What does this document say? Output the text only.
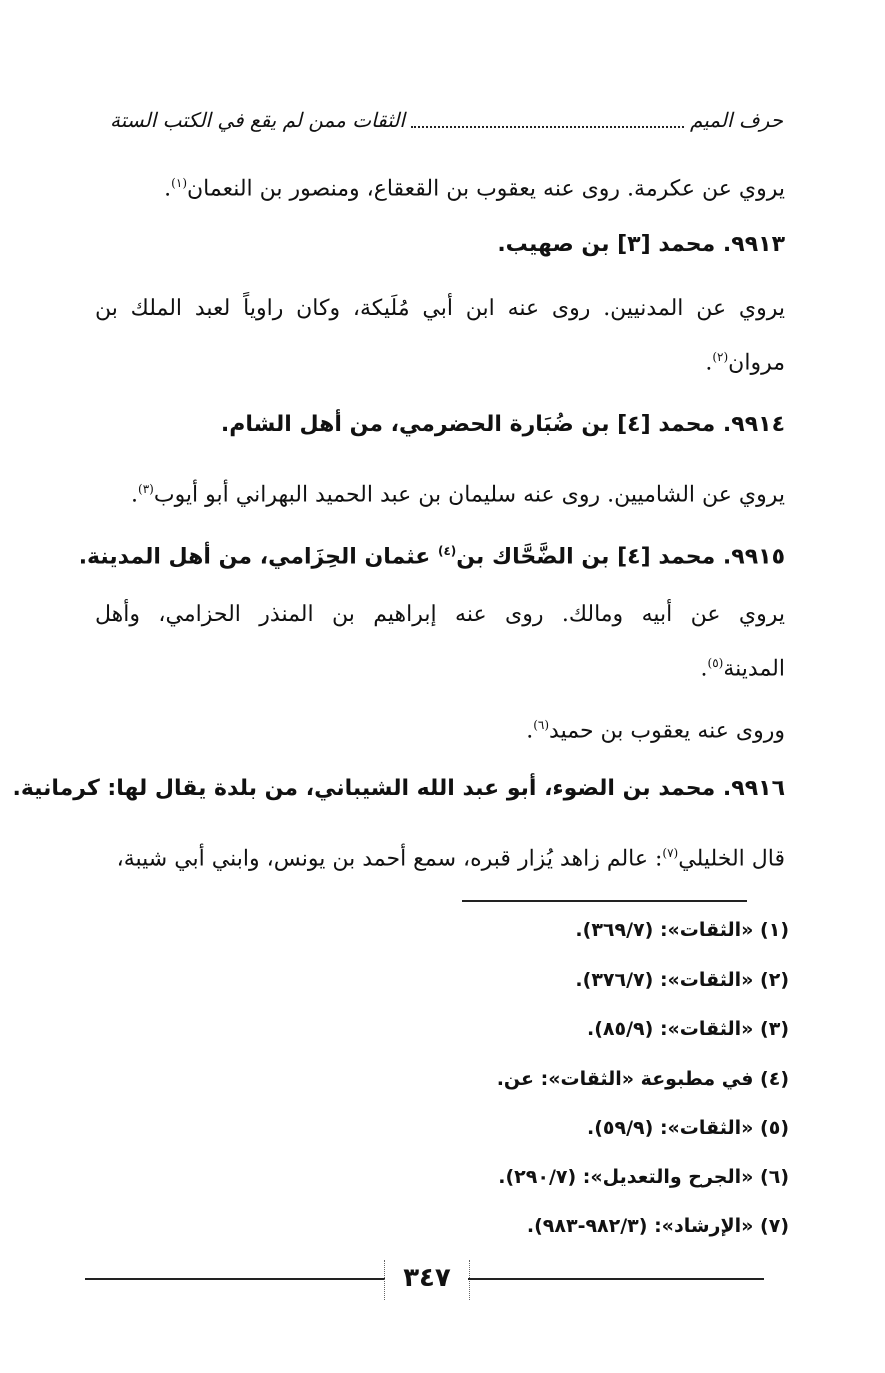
حرف الميم
الثقات ممن لم يقع في الكتب الستة
يروي عن عكرمة. روى عنه يعقوب بن القعقاع، ومنصور بن النعمان$^{(١)}$.
٩٩١٣. محمد [٣] بن صهيب.
يروي عن المدنيين. روى عنه ابن أبي مُلَيكة، وكان راوياً لعبد الملك بن
مروان$^{(٢)}$.
٩٩١٤. محمد [٤] بن ضُبَارة الحضرمي، من أهل الشام.
يروي عن الشاميين. روى عنه سليمان بن عبد الحميد البهراني أبو أيوب$^{(٣)}$.
٩٩١٥. محمد [٤] بن الضَّحَّاك بن$^{(٤)}$ عثمان الحِزَامي، من أهل المدينة.
يروي عن أبيه ومالك. روى عنه إبراهيم بن المنذر الحزامي، وأهل
المدينة$^{(٥)}$.
وروى عنه يعقوب بن حميد$^{(٦)}$.
٩٩١٦. محمد بن الضوء، أبو عبد الله الشيباني، من بلدة يقال لها: كرمانية.
قال الخليلي$^{(٧)}$: عالم زاهد يُزار قبره، سمع أحمد بن يونس، وابني أبي شيبة،
(١) «الثقات»: (٣٦٩/٧).
(٢) «الثقات»: (٣٧٦/٧).
(٣) «الثقات»: (٨٥/٩).
(٤) في مطبوعة «الثقات»: عن.
(٥) «الثقات»: (٥٩/٩).
(٦) «الجرح والتعديل»: (٢٩٠/٧).
(٧) «الإرشاد»: (٩٨٢/٣-٩٨٣).
٣٤٧
